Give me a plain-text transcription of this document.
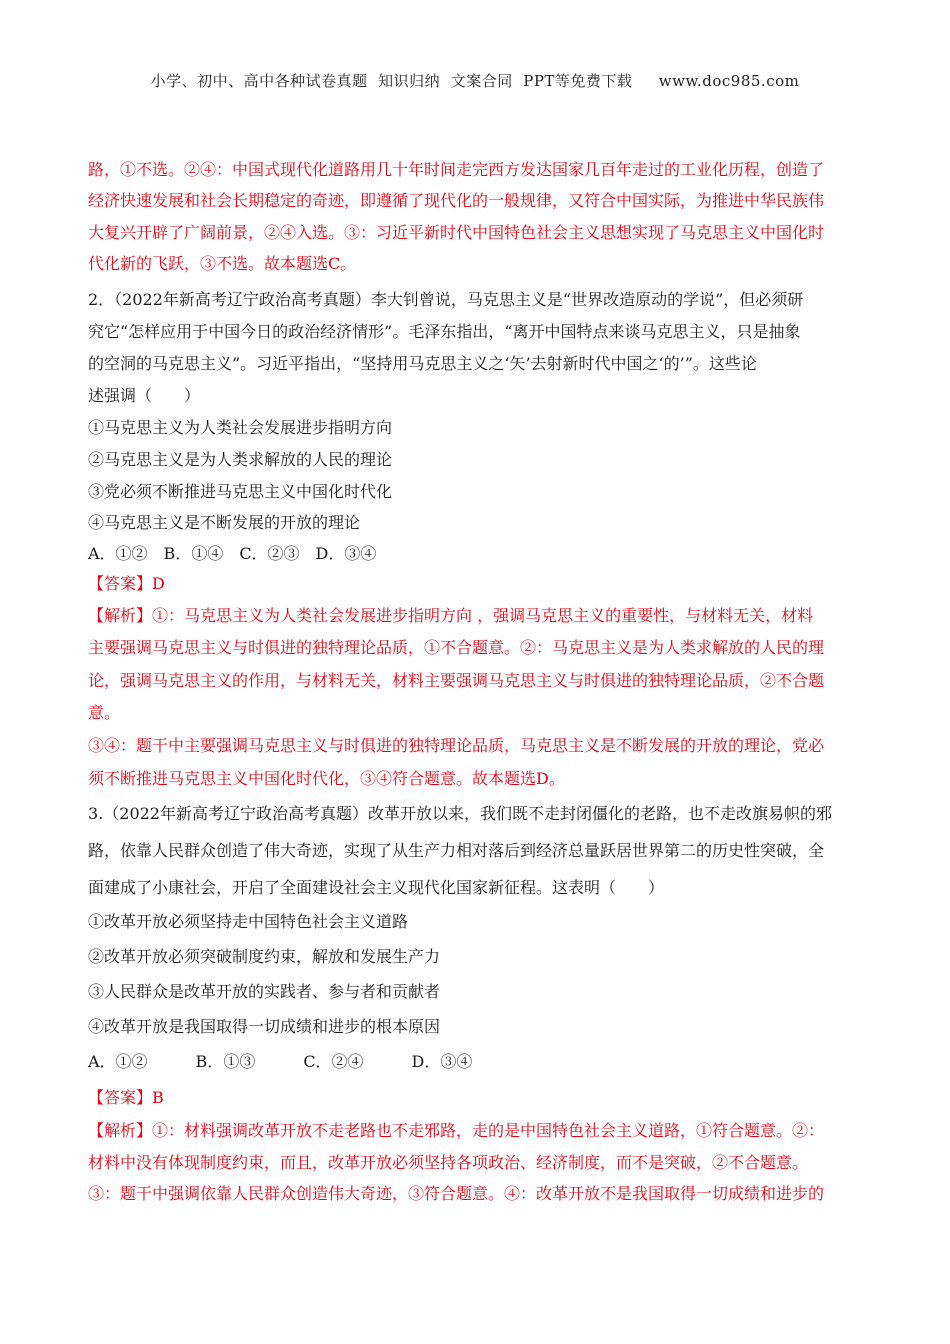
小学、初中、高中各种试卷真题  知识归纳  文案合同  PPT等免费下载     www.doc985.com
路，①不选。②④：中国式现代化道路用几十年时间走完西方发达国家几百年走过的工业化历程，创造了
经济快速发展和社会长期稳定的奇迹，即遵循了现代化的一般规律，又符合中国实际，为推进中华民族伟
大复兴开辟了广阔前景，②④入选。③：习近平新时代中国特色社会主义思想实现了马克思主义中国化时
代化新的飞跃，③不选。故本题选C。
2．（2022年新高考辽宁政治高考真题）李大钊曾说，马克思主义是“世界改造原动的学说”，但必须研
究它“怎样应用于中国今日的政治经济情形”。毛泽东指出，“离开中国特点来谈马克思主义，只是抽象
的空洞的马克思主义”。习近平指出，“坚持用马克思主义之‘矢’去射新时代中国之‘的’”。这些论
述强调（　　）
①马克思主义为人类社会发展进步指明方向
②马克思主义是为人类求解放的人民的理论
③党必须不断推进马克思主义中国化时代化
④马克思主义是不断发展的开放的理论
A．①②　B．①④　C．②③　D．③④
【答案】D
【解析】①：马克思主义为人类社会发展进步指明方向 ，强调马克思主义的重要性，与材料无关，材料
主要强调马克思主义与时俱进的独特理论品质，①不合题意。②：马克思主义是为人类求解放的人民的理
论，强调马克思主义的作用，与材料无关，材料主要强调马克思主义与时俱进的独特理论品质，②不合题
意。
③④：题干中主要强调马克思主义与时俱进的独特理论品质，马克思主义是不断发展的开放的理论，党必
须不断推进马克思主义中国化时代化，③④符合题意。故本题选D。
3.（2022年新高考辽宁政治高考真题）改革开放以来，我们既不走封闭僵化的老路，也不走改旗易帜的邪
路，依靠人民群众创造了伟大奇迹，实现了从生产力相对落后到经济总量跃居世界第二的历史性突破，全
面建成了小康社会，开启了全面建设社会主义现代化国家新征程。这表明（　　）
①改革开放必须坚持走中国特色社会主义道路
②改革开放必须突破制度约束，解放和发展生产力
③人民群众是改革开放的实践者、参与者和贡献者
④改革开放是我国取得一切成绩和进步的根本原因
A．①②　　　B．①③　　　C．②④　　　D．③④
【答案】B
【解析】①：材料强调改革开放不走老路也不走邪路，走的是中国特色社会主义道路，①符合题意。②：
材料中没有体现制度约束，而且，改革开放必须坚持各项政治、经济制度，而不是突破，②不合题意。
③：题干中强调依靠人民群众创造伟大奇迹，③符合题意。④：改革开放不是我国取得一切成绩和进步的
